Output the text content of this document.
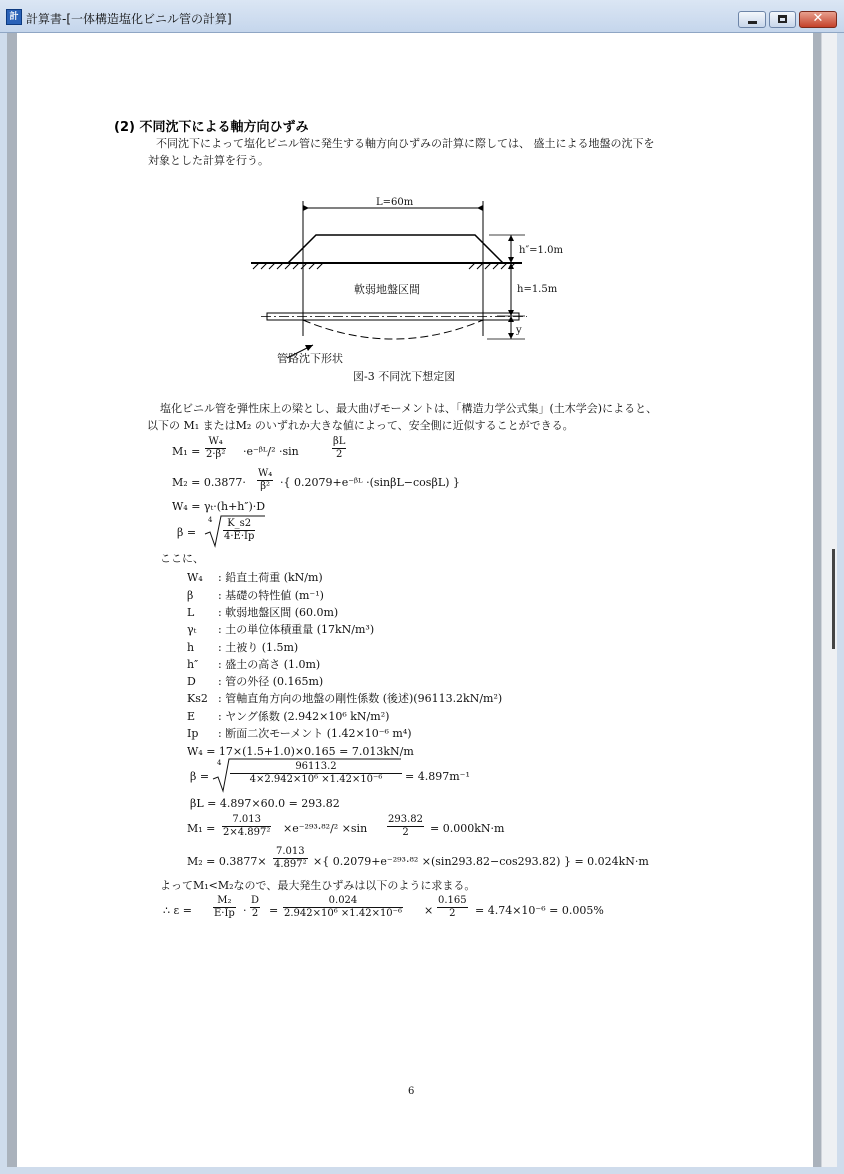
計 計算書-[一体構造塩化ビニル管の計算]	✕
(2) 不同沈下による軸方向ひずみ
不同沈下によって塩化ビニル管に発生する軸方向ひずみの計算に際しては、 盛土による地盤の沈下を
対象とした計算を行う。
L=60m
h″=1.0m
h=1.5m
y
軟弱地盤区間
管路沈下形状
図-3 不同沈下想定図
塩化ビニル管を弾性床上の梁とし、最大曲げモーメントは、「構造力学公式集」(土木学会)によると、
以下の M₁ またはM₂ のいずれか大きな値によって、安全側に近似することができる。
$M_1 = \frac{\text{W₄}}{\text{2·β²}}$ ·e⁻ᵝᴸ/² ·sin	$\frac{\beta L}{2}$
$M_2 = 0.3877\cdot \frac{\text{W₄}}{\text{β²}}$ ·{ 0.2079+e⁻ᵝᴸ ·(sinβL−cosβL) }
W₄ = γₜ·(h+h″)·D
β =
$4 \frac{K\_s2}{4\cdot E\cdot Ip}$
ここに、
W₄ : 鉛直土荷重 (kN/m)
β : 基礎の特性値 (m⁻¹)
L : 軟弱地盤区間 (60.0m)
γₜ : 土の単位体積重量 (17kN/m³)
h : 土被り (1.5m)
h″ : 盛土の高さ (1.0m)
D : 管の外径 (0.165m)
Ks2 : 管軸直角方向の地盤の剛性係数 (後述)(96113.2kN/m²)
E : ヤング係数 (2.942×10⁶ kN/m²)
Ip : 断面二次モーメント (1.42×10⁻⁶ m⁴)
W₄ = 17×(1.5+1.0)×0.165 = 7.013kN/m
β =
$4 \frac{96113.2}{\text{4×2.942×10⁶ ×1.42×10⁻⁶}} = 4.897m^{-1}$
βL = 4.897×60.0 = 293.82
$M_1 = \frac{7.013}{\text{2×4.897²}} \times e^{-293}\cdot^{82}/^2 \times\sin \frac{293.82}{2} = 0.000kN\cdot m$
$M_2 = 0.3877\times \frac{7.013}{\text{4.897²}}$ ×{ 0.2079+e⁻²⁹³·⁸² ×(sin293.82−cos293.82) } = 0.024kN·m
よってM₁<M₂なので、最大発生ひずみは以下のように求まる。
∴ $\varepsilon = \frac{\text{M₂}}{E\cdot Ip} \cdot \frac{D}{2} = \frac{0.024}{\text{2.942×10⁶ ×1.42×10⁻⁶}} \times \frac{0.165}{2} = 4.74\times 10^{-6} = 0.005\%$
6
